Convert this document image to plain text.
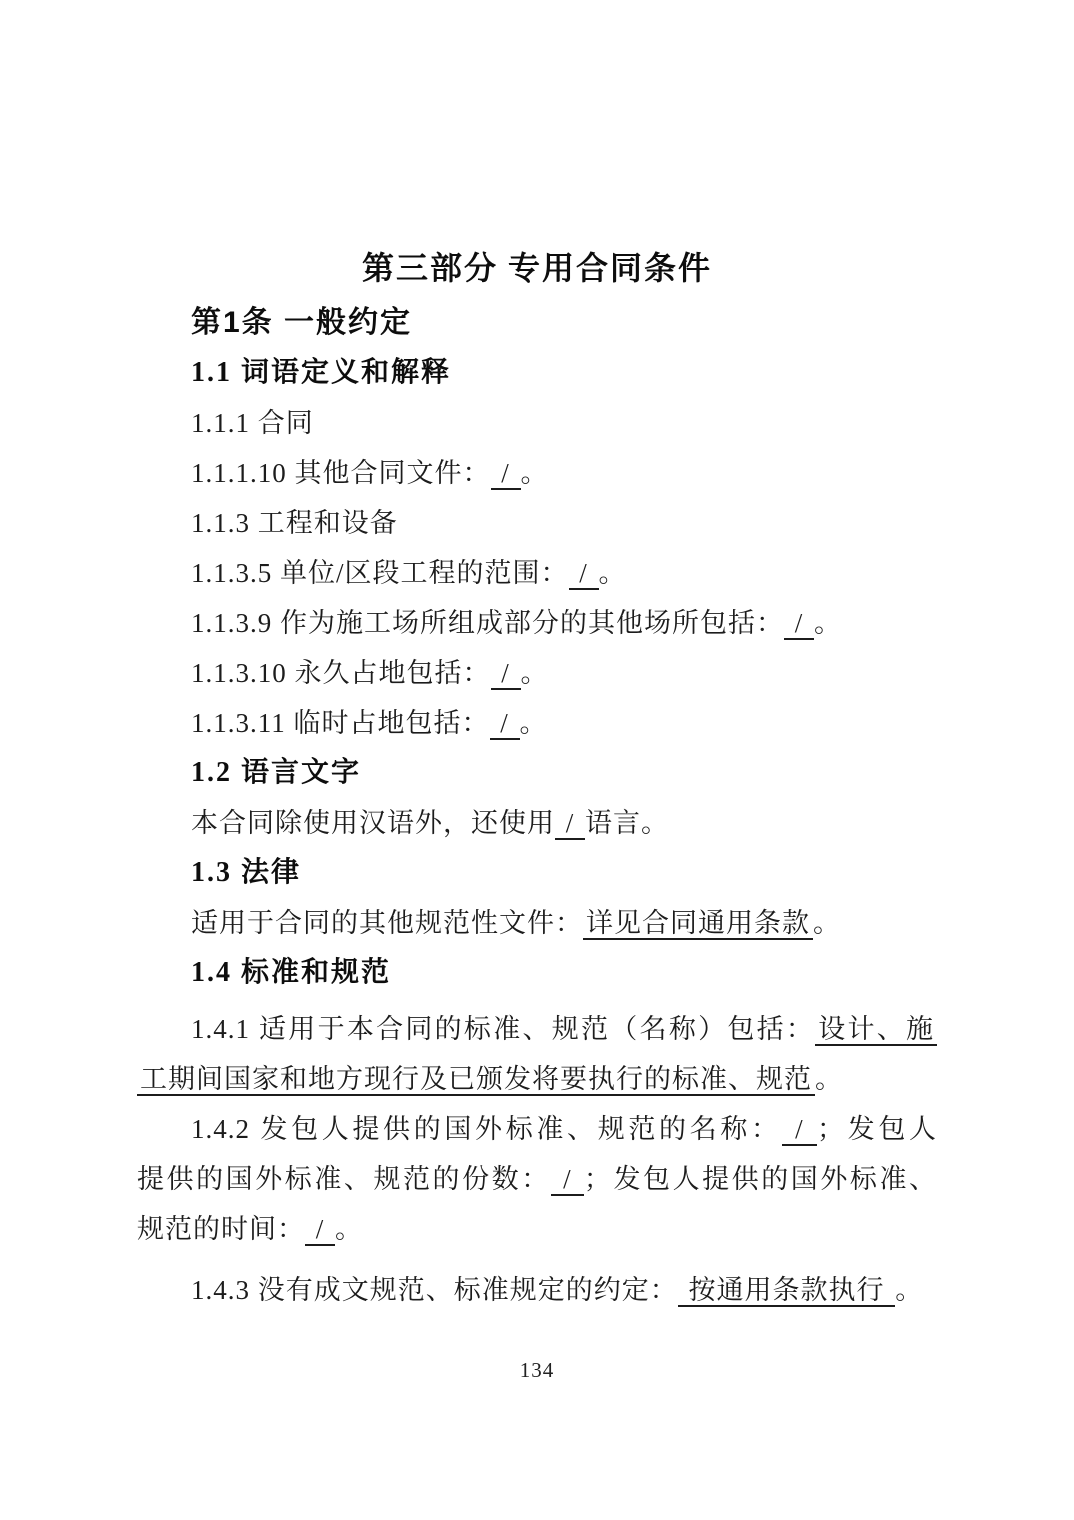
第三部分 专用合同条件
第1条 一般约定
1.1 词语定义和解释
1.1.1 合同
1.1.1.10 其他合同文件： / 。
1.1.3 工程和设备
1.1.3.5 单位/区段工程的范围： / 。
1.1.3.9 作为施工场所组成部分的其他场所包括： / 。
1.1.3.10 永久占地包括： / 。
1.1.3.11 临时占地包括： / 。
1.2 语言文字
本合同除使用汉语外，还使用 / 语言。
1.3 法律
适用于合同的其他规范性文件： 详见合同通用条款 。
1.4 标准和规范
1.4.1 适用于本合同的标准、规范（名称）包括： 设计、施
工期间国家和地方现行及已颁发将要执行的标准、规范 。
1.4.2 发包人提供的国外标准、规范的名称： / ；发包人
提供的国外标准、规范的份数： / ；发包人提供的国外标准、
规范的时间： / 。
1.4.3 没有成文规范、标准规定的约定： 按通用条款执行 。
134
